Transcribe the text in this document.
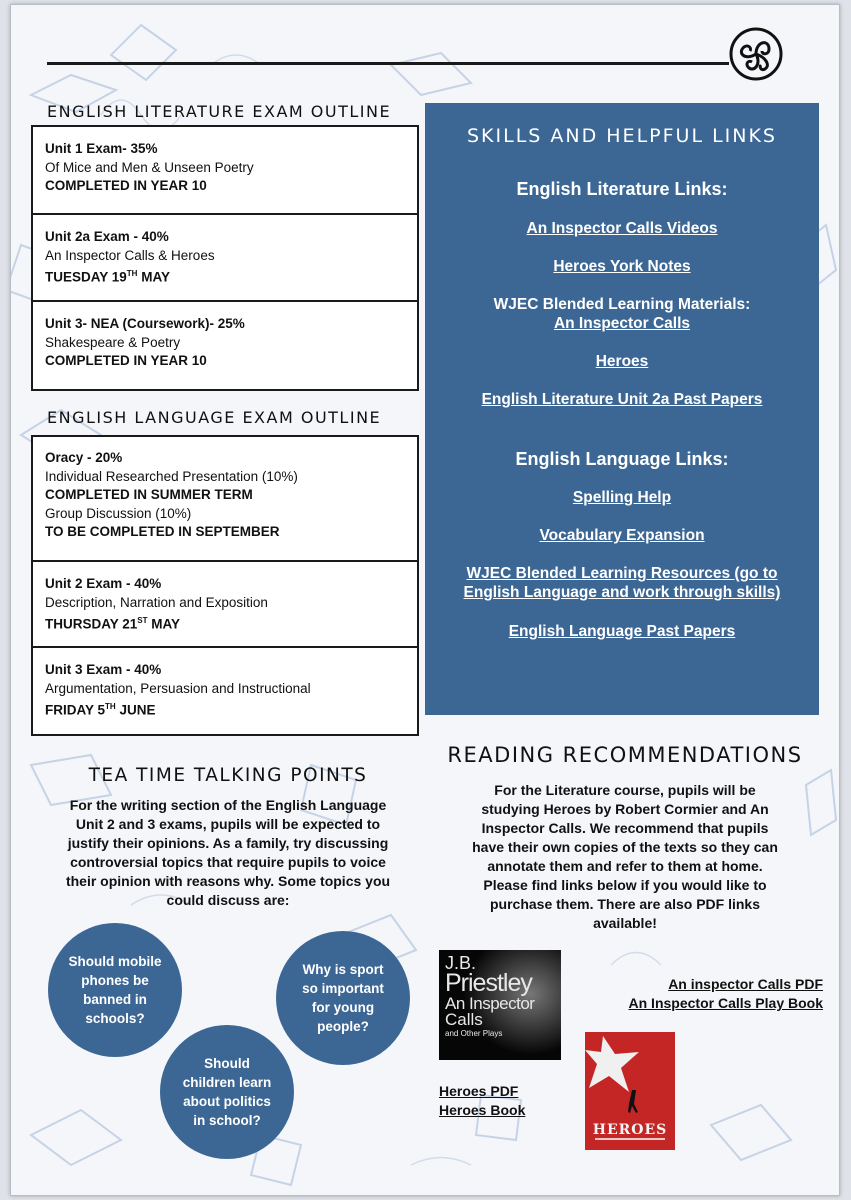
ENGLISH LITERATURE EXAM OUTLINE
Unit 1 Exam- 35%
Of Mice and Men & Unseen Poetry
COMPLETED IN YEAR 10
Unit 2a Exam - 40%
An Inspector Calls & Heroes
TUESDAY 19TH MAY
Unit 3- NEA (Coursework)- 25%
Shakespeare & Poetry
COMPLETED IN YEAR 10
ENGLISH LANGUAGE EXAM OUTLINE
Oracy - 20%
Individual Researched Presentation (10%)
COMPLETED IN SUMMER TERM
Group Discussion (10%)
TO BE COMPLETED IN SEPTEMBER
Unit 2 Exam - 40%
Description, Narration and Exposition
THURSDAY 21ST MAY
Unit 3 Exam - 40%
Argumentation, Persuasion and Instructional
FRIDAY 5TH JUNE
SKILLS AND HELPFUL LINKS
English Literature Links:
An Inspector Calls Videos
Heroes York Notes
WJEC Blended Learning Materials:
An Inspector Calls
Heroes
English Literature Unit 2a Past Papers
English Language Links:
Spelling Help
Vocabulary Expansion
WJEC Blended Learning Resources (go to
English Language and work through skills)
English Language Past Papers
TEA TIME TALKING POINTS
For the writing section of the English Language
Unit 2 and 3 exams, pupils will be expected to
justify their opinions. As a family, try discussing
controversial topics that require pupils to voice
their opinion with reasons why. Some topics you
could discuss are:
Should mobile
phones be
banned in
schools?
Why is sport
so important
for young
people?
Should
children learn
about politics
in school?
READING RECOMMENDATIONS
For the Literature course, pupils will be
studying Heroes by Robert Cormier and An
Inspector Calls. We recommend that pupils
have their own copies of the texts so they can
annotate them and refer to them at home.
Please find links below if you would like to
purchase them. There are also PDF links
available!
J.B.
Priestley
An Inspector
Calls
and Other Plays
An inspector Calls PDF
An Inspector Calls Play Book
HEROES
Heroes PDF
Heroes Book
